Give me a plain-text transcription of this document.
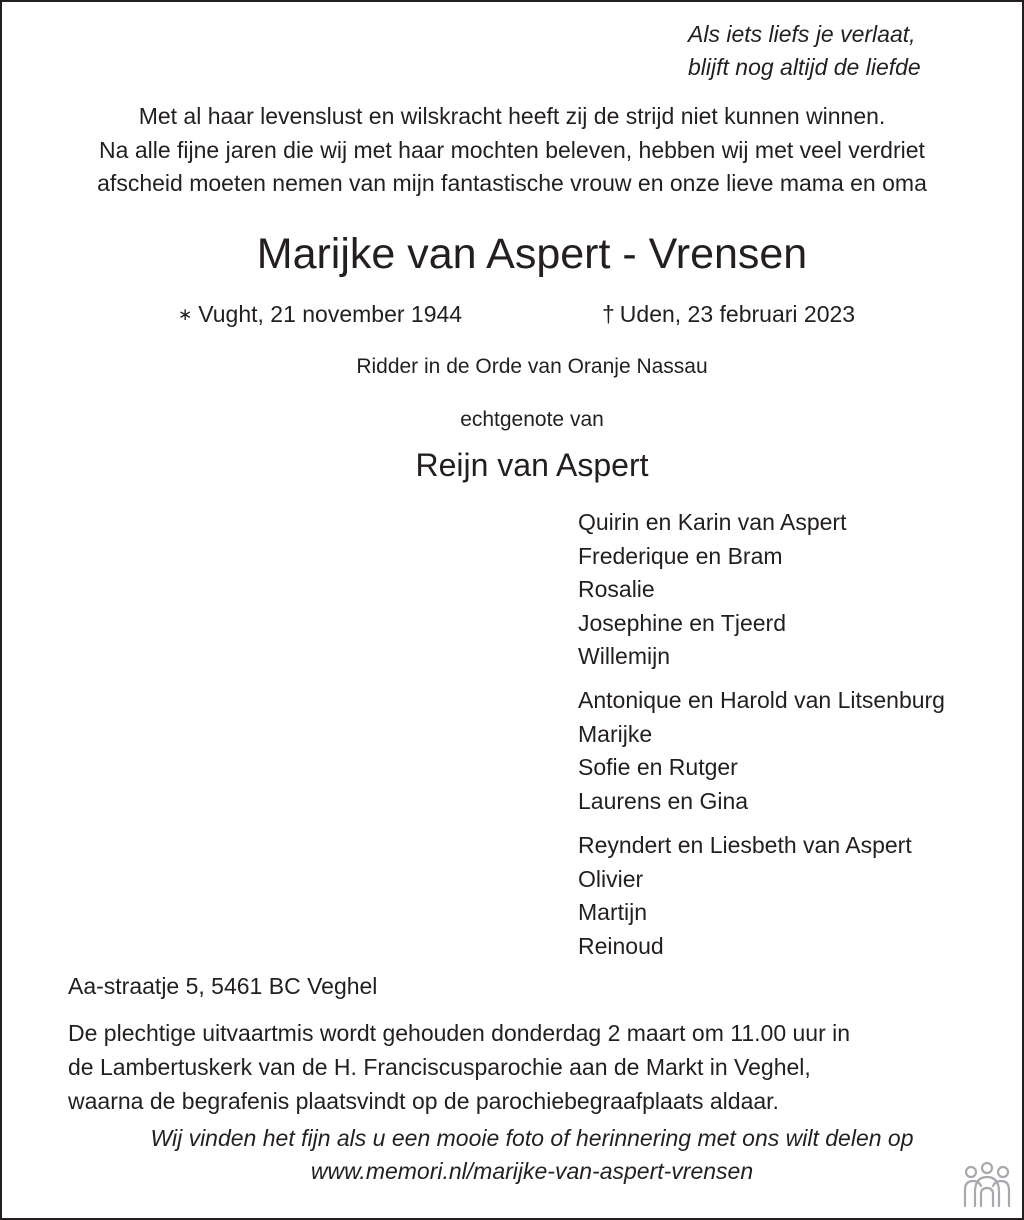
Als iets liefs je verlaat,
blijft nog altijd de liefde
Met al haar levenslust en wilskracht heeft zij de strijd niet kunnen winnen.
Na alle fijne jaren die wij met haar mochten beleven, hebben wij met veel verdriet
afscheid moeten nemen van mijn fantastische vrouw en onze lieve mama en oma
Marijke van Aspert - Vrensen
∗ Vught, 21 november 1944	† Uden, 23 februari 2023
Ridder in de Orde van Oranje Nassau
echtgenote van
Reijn van Aspert
Quirin en Karin van Aspert
Frederique en Bram
Rosalie
Josephine en Tjeerd
Willemijn
Antonique en Harold van Litsenburg
Marijke
Sofie en Rutger
Laurens en Gina
Reyndert en Liesbeth van Aspert
Olivier
Martijn
Reinoud
Aa-straatje 5, 5461 BC Veghel
De plechtige uitvaartmis wordt gehouden donderdag 2 maart om 11.00 uur in
de Lambertuskerk van de H. Franciscusparochie aan de Markt in Veghel,
waarna de begrafenis plaatsvindt op de parochiebegraafplaats aldaar.
Wij vinden het fijn als u een mooie foto of herinnering met ons wilt delen op
www.memori.nl/marijke-van-aspert-vrensen
